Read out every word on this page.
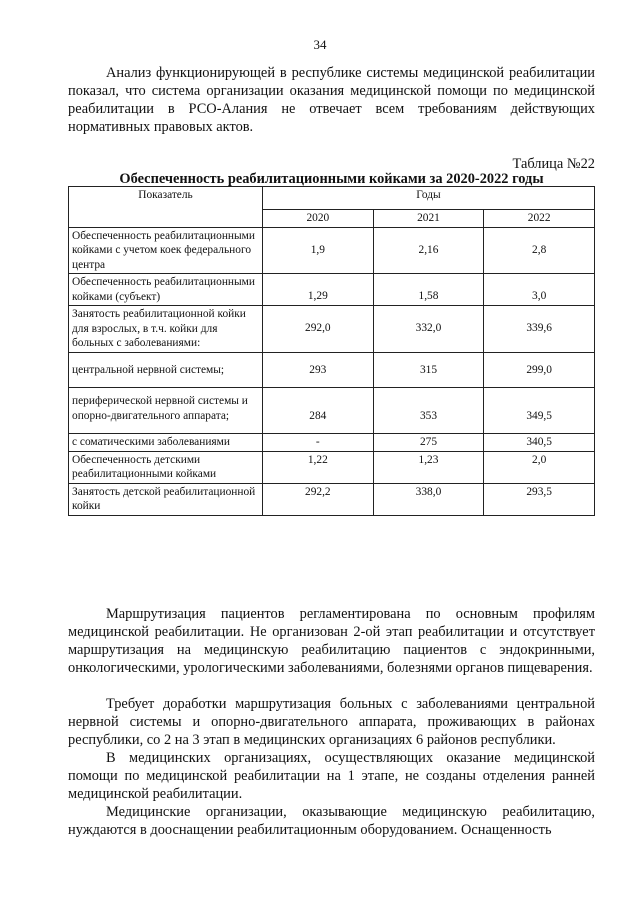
34

Анализ функционирующей в республике системы медицинской реабилитации показал, что система организации оказания медицинской помощи по медицинской реабилитации в РСО-Алания не отвечает всем требованиям действующих нормативных правовых актов.

Таблица №22
Обеспеченность реабилитационными койками за 2020-2022 годы
Показатель	Годы		
	2020	2021	2022
Обеспеченность реабилитационными койками с учетом коек федерального центра	1,9	2,16	2,8
Обеспеченность реабилитационными койками (субъект)	1,29	1,58	3,0
Занятость реабилитационной койки для взрослых, в т.ч. койки для больных с заболеваниями:	292,0	332,0	339,6
центральной нервной системы;	293	315	299,0
периферической нервной системы и опорно-двигательного аппарата;	284	353	349,5
с соматическими заболеваниями	-	275	340,5
Обеспеченность детскими реабилитационными койками	1,22	1,23	2,0
Занятость детской реабилитационной койки	292,2	338,0	293,5

Маршрутизация пациентов регламентирована по основным профилям медицинской реабилитации. Не организован 2-ой этап реабилитации и отсутствует маршрутизация на медицинскую реабилитацию пациентов с эндокринными, онкологическими, урологическими заболеваниями, болезнями органов пищеварения.

Требует доработки маршрутизация больных с заболеваниями центральной нервной системы и опорно-двигательного аппарата, проживающих в районах республики, со 2 на 3 этап в медицинских организациях 6 районов республики.

В медицинских организациях, осуществляющих оказание медицинской помощи по медицинской реабилитации на 1 этапе, не созданы отделения ранней медицинской реабилитации.

Медицинские организации, оказывающие медицинскую реабилитацию, нуждаются в дооснащении реабилитационным оборудованием. Оснащенность
